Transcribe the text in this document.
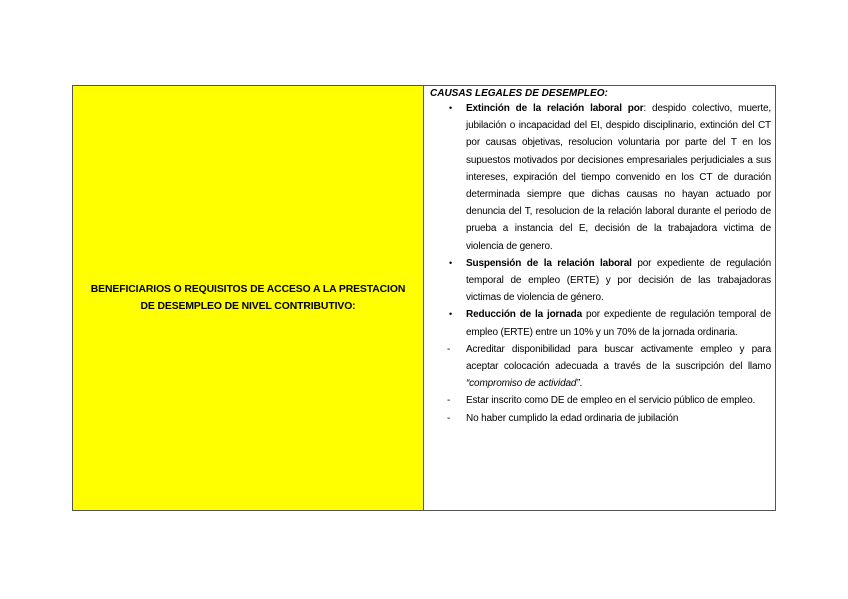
BENEFICIARIOS O REQUISITOS DE ACCESO A LA PRESTACION DE DESEMPLEO DE NIVEL CONTRIBUTIVO:
CAUSAS LEGALES DE DESEMPLEO:
•	Extinción de la relación laboral por: despido colectivo, muerte, jubilación o incapacidad del EI, despido disciplinario, extinción del CT por causas objetivas, resolucion voluntaria por parte del T en los supuestos motivados por decisiones empresariales perjudiciales a sus intereses, expiración del tiempo convenido en los CT de duración determinada siempre que dichas causas no hayan actuado por denuncia del T, resolucion de la relación laboral durante el periodo de prueba a instancia del E, decisión de la trabajadora victima de violencia de genero.
•	Suspensión de la relación laboral por expediente de regulación temporal de empleo (ERTE) y por decisión de las trabajadoras victimas de violencia de género.
•	Reducción de la jornada por expediente de regulación temporal de empleo (ERTE) entre un 10% y un 70% de la jornada ordinaria.
-	Acreditar disponibilidad para buscar activamente empleo y para aceptar colocación adecuada a través de la suscripción del llamo “compromiso de actividad”.
-	Estar inscrito como DE de empleo en el servicio público de empleo.
-	No haber cumplido la edad ordinaria de jubilación
